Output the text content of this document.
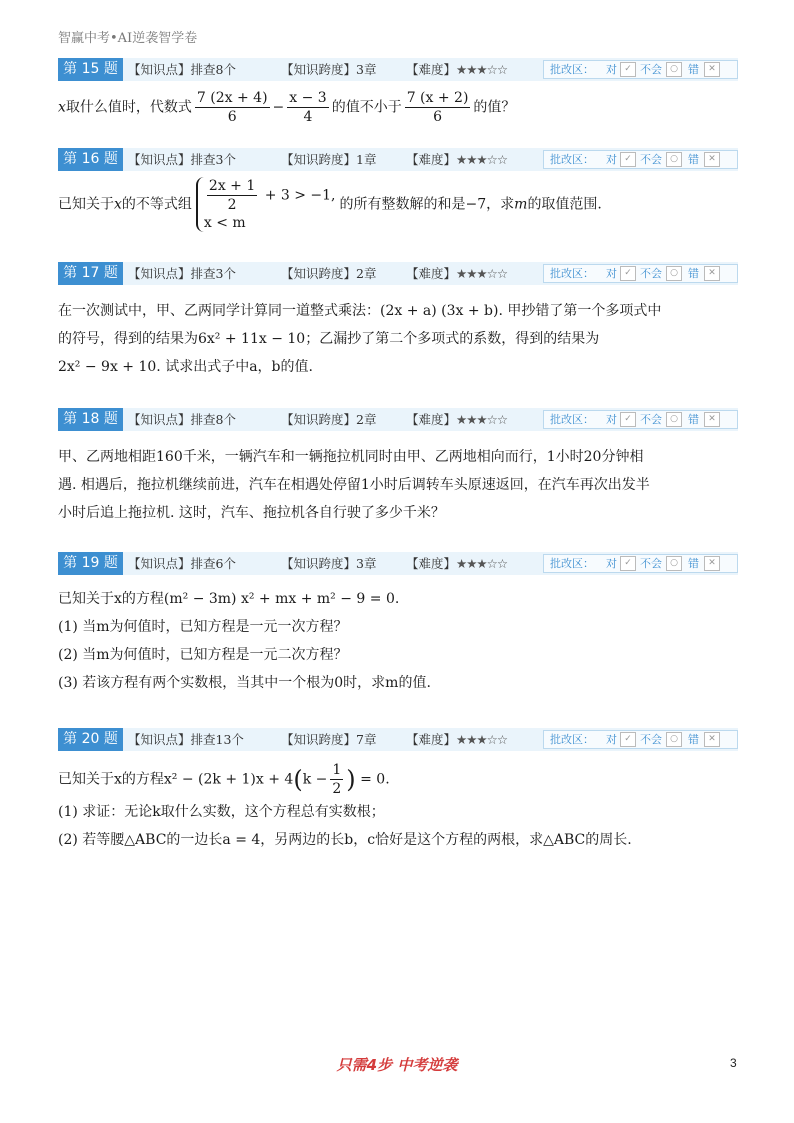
智赢中考•AI逆袭智学卷
第 15 题 【知识点】排查8个	【知识跨度】3章 【难度】★★★☆☆	批改区： 对 ✓ 不会 ○ 错	✕

x取什么值时，代数式 $\frac{7 (2x + 4)}{6} - \frac{x - 3}{4}$ 的值不小于 $\frac{7 (x + 2)}{6}$ 的值？

第 16 题 【知识点】排查3个	【知识跨度】1章 【难度】★★★☆☆	批改区： 对 ✓ 不会 ○ 错	✕

已知关于x的不等式组 $\frac{2x + 1}{2} + 3 > -1$,
x < m
的所有整数解的和是−7，求m的取值范围.

第 17 题 【知识点】排查3个	【知识跨度】2章 【难度】★★★☆☆	批改区： 对 ✓ 不会 ○ 错	✕

在一次测试中，甲、乙两同学计算同一道整式乘法：(2x + a) (3x + b). 甲抄错了第一个多项式中

的符号，得到的结果为6x² + 11x − 10；乙漏抄了第二个多项式的系数，得到的结果为

2x² − 9x + 10. 试求出式子中a，b的值.

第 18 题 【知识点】排查8个	【知识跨度】2章 【难度】★★★☆☆	批改区： 对 ✓ 不会 ○ 错	✕

甲、乙两地相距160千米，一辆汽车和一辆拖拉机同时由甲、乙两地相向而行，1小时20分钟相

遇. 相遇后，拖拉机继续前进，汽车在相遇处停留1小时后调转车头原速返回，在汽车再次出发半

小时后追上拖拉机. 这时，汽车、拖拉机各自行驶了多少千米？

第 19 题 【知识点】排查6个	【知识跨度】3章 【难度】★★★☆☆	批改区： 对 ✓ 不会 ○ 错	✕

已知关于x的方程(m² − 3m) x² + mx + m² − 9 = 0.

(1) 当m为何值时，已知方程是一元一次方程？

(2) 当m为何值时，已知方程是一元二次方程？

(3) 若该方程有两个实数根，当其中一个根为0时，求m的值.

第 20 题 【知识点】排查13个	【知识跨度】7章 【难度】★★★☆☆	批改区： 对 ✓ 不会 ○ 错	✕

已知关于x的方程$x^2 - (2k + 1)x + 4(k - \frac{1}{2}$ ) = 0.

(1) 求证：无论k取什么实数，这个方程总有实数根；

(2) 若等腰△ABC的一边长a = 4，另两边的长b，c恰好是这个方程的两根，求△ABC的周长.

只需4步 中考逆袭	3
